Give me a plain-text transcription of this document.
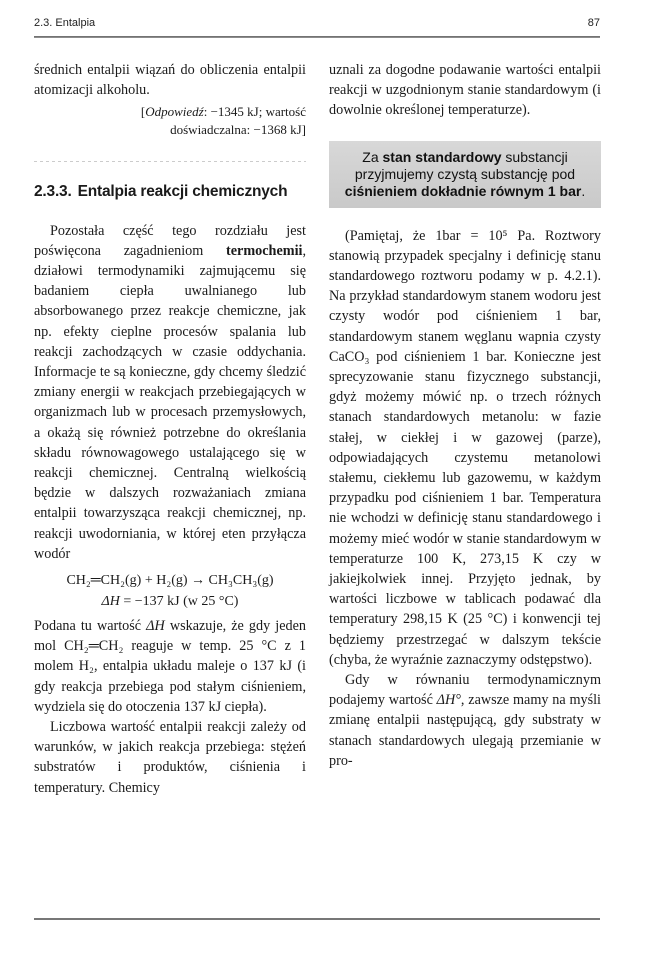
2.3. Entalpia	87

średnich entalpii wiązań do obliczenia entalpii atomizacji alkoholu.

[Odpowiedź: −1345 kJ; wartość
doświadczalna: −1368 kJ]
2.3.3. Entalpia reakcji chemicznych

Pozostała część tego rozdziału jest poświęcona zagadnieniom termochemii, działowi termodynamiki zajmującemu się badaniem ciepła uwalnianego lub absorbowanego przez reakcje chemiczne, jak np. efekty cieplne procesów spalania lub reakcji zachodzących w czasie oddychania. Informacje te są konieczne, gdy chcemy śledzić zmiany energii w reakcjach przebiegających w organizmach lub w procesach przemysłowych, a okażą się również potrzebne do określania składu równowagowego ustalającego się w reakcji chemicznej. Centralną wielkością będzie w dalszych rozważaniach zmiana entalpii towarzysząca reakcji chemicznej, np. reakcji uwodorniania, w której eten przyłącza wodór

CH₂═CH₂(g) + H₂(g) → CH₃CH₃(g)
ΔH = −137 kJ (w 25 °C)

Podana tu wartość ΔH wskazuje, że gdy jeden mol CH₂═CH₂ reaguje w temp. 25 °C z 1 molem H₂, entalpia układu maleje o 137 kJ (i gdy reakcja przebiega pod stałym ciśnieniem, wydziela się do otoczenia 137 kJ ciepła).

Liczbowa wartość entalpii reakcji zależy od warunków, w jakich reakcja przebiega: stężeń substratów i produktów, ciśnienia i temperatury. Chemicy

uznali za dogodne podawanie wartości entalpii reakcji w uzgodnionym stanie standardowym (i dowolnie określonej temperaturze).

Za stan standardowy substancji przyjmujemy czystą substancję pod ciśnieniem dokładnie równym 1 bar.

(Pamiętaj, że 1bar = 10⁵ Pa. Roztwory stanowią przypadek specjalny i definicję stanu standardowego roztworu podamy w p. 4.2.1). Na przykład standardowym stanem wodoru jest czysty wodór pod ciśnieniem 1 bar, standardowym stanem węglanu wapnia czysty CaCO₃ pod ciśnieniem 1 bar. Konieczne jest sprecyzowanie stanu fizycznego substancji, gdyż możemy mówić np. o trzech różnych stanach standardowych metanolu: w fazie stałej, w ciekłej i w gazowej (parze), odpowiadających czystemu metanolowi stałemu, ciekłemu lub gazowemu, w każdym przypadku pod ciśnieniem 1 bar. Temperatura nie wchodzi w definicję stanu standardowego i możemy mieć wodór w stanie standardowym w temperaturze 100 K, 273,15 K czy w jakiejkolwiek innej. Przyjęto jednak, by wartości liczbowe w tablicach podawać dla temperatury 298,15 K (25 °C) i konwencji tej będziemy przestrzegać w dalszym tekście (chyba, że wyraźnie zaznaczymy odstępstwo).

Gdy w równaniu termodynamicznym podajemy wartość ΔH°, zawsze mamy na myśli zmianę entalpii następującą, gdy substraty w stanach standardowych ulegają przemianie w pro-
